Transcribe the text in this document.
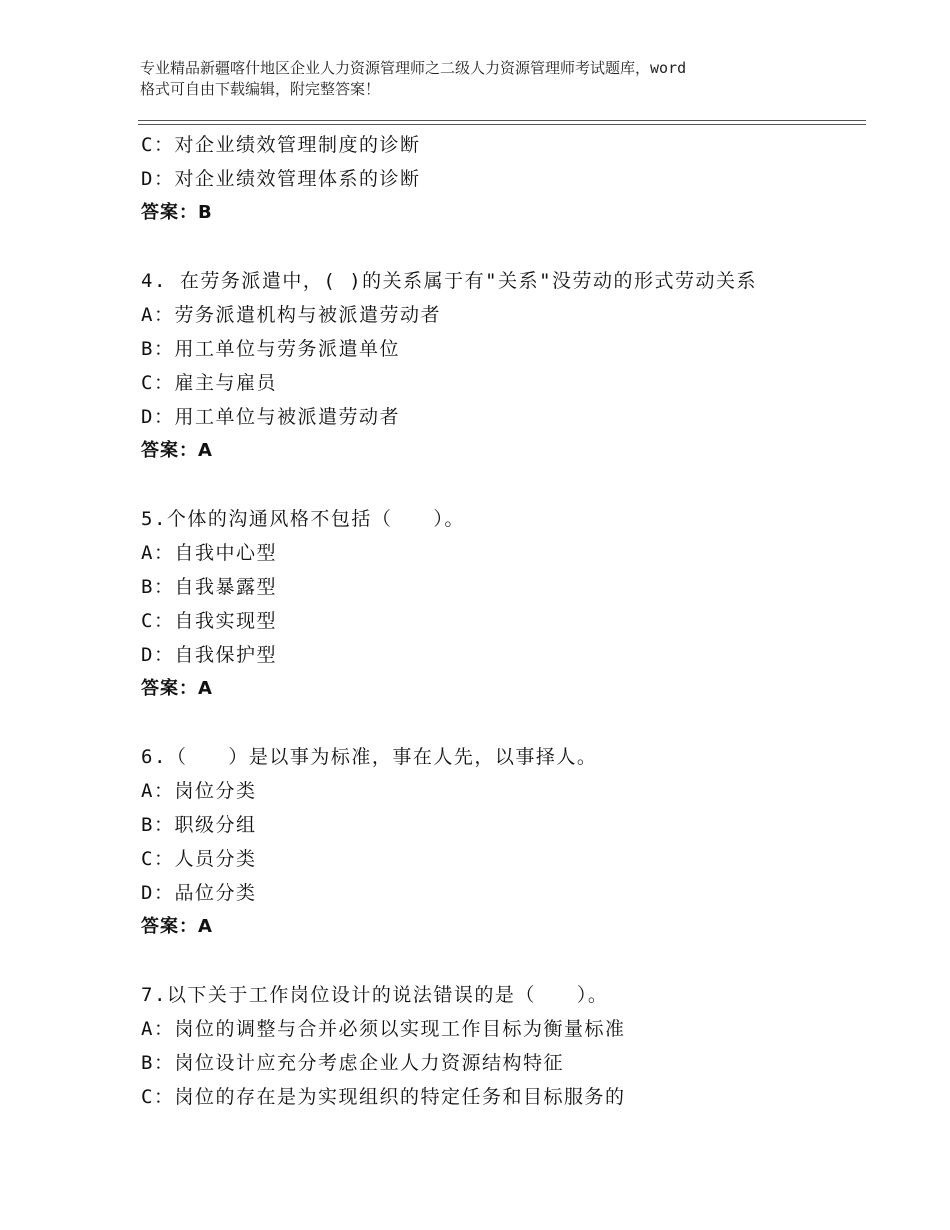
专业精品新疆喀什地区企业人力资源管理师之二级人力资源管理师考试题库，word
格式可自由下载编辑，附完整答案！
C：对企业绩效管理制度的诊断
D：对企业绩效管理体系的诊断
答案：B
4. 在劳务派遣中，( )的关系属于有"关系"没劳动的形式劳动关系
A：劳务派遣机构与被派遣劳动者
B：用工单位与劳务派遣单位
C：雇主与雇员
D：用工单位与被派遣劳动者
答案：A
5.个体的沟通风格不包括（　　）。
A：自我中心型
B：自我暴露型
C：自我实现型
D：自我保护型
答案：A
6.（　　）是以事为标准，事在人先，以事择人。
A：岗位分类
B：职级分组
C：人员分类
D：品位分类
答案：A
7.以下关于工作岗位设计的说法错误的是（　　）。
A：岗位的调整与合并必须以实现工作目标为衡量标准
B：岗位设计应充分考虑企业人力资源结构特征
C：岗位的存在是为实现组织的特定任务和目标服务的
